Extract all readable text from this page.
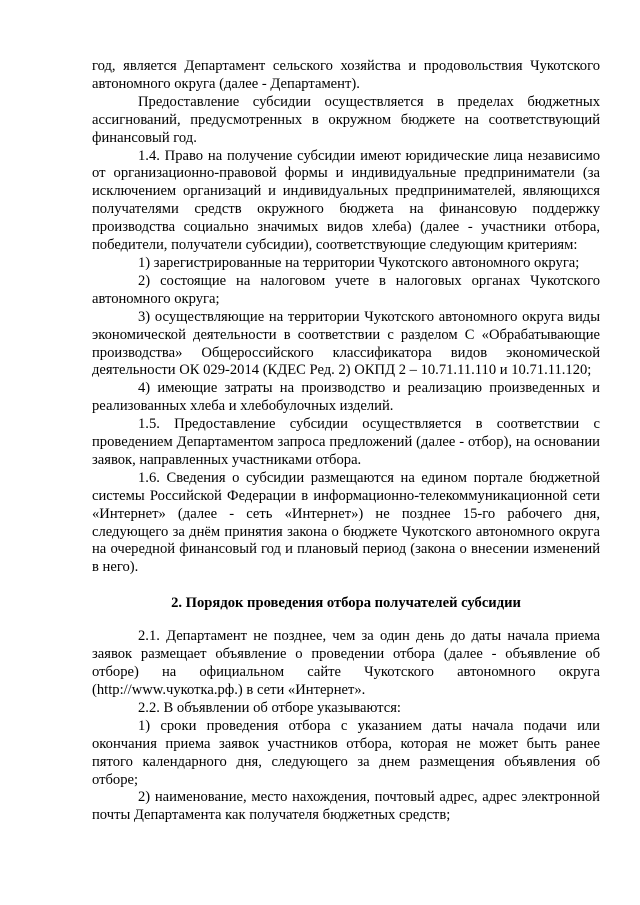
год, является Департамент сельского хозяйства и продовольствия Чукотского автономного округа (далее - Департамент).

Предоставление субсидии осуществляется в пределах бюджетных ассигнований, предусмотренных в окружном бюджете на соответствующий финансовый год.

1.4. Право на получение субсидии имеют юридические лица независимо от организационно-правовой формы и индивидуальные предприниматели (за исключением организаций и индивидуальных предпринимателей, являющихся получателями средств окружного бюджета на финансовую поддержку производства социально значимых видов хлеба) (далее - участники отбора, победители, получатели субсидии), соответствующие следующим критериям:

1) зарегистрированные на территории Чукотского автономного округа;

2) состоящие на налоговом учете в налоговых органах Чукотского автономного округа;

3) осуществляющие на территории Чукотского автономного округа виды экономической деятельности в соответствии с разделом С «Обрабатывающие производства» Общероссийского классификатора видов экономической деятельности ОК 029-2014 (КДЕС Ред. 2) ОКПД 2 – 10.71.11.110 и 10.71.11.120;

4) имеющие затраты на производство и реализацию произведенных и реализованных хлеба и хлебобулочных изделий.

1.5. Предоставление субсидии осуществляется в соответствии с проведением Департаментом запроса предложений (далее - отбор), на основании заявок, направленных участниками отбора.

1.6. Сведения о субсидии размещаются на едином портале бюджетной системы Российской Федерации в информационно-телекоммуникационной сети «Интернет» (далее - сеть «Интернет») не позднее 15-го рабочего дня, следующего за днём принятия закона о бюджете Чукотского автономного округа на очередной финансовый год и плановый период (закона о внесении изменений в него).

2. Порядок проведения отбора получателей субсидии

2.1. Департамент не позднее, чем за один день до даты начала приема заявок размещает объявление о проведении отбора (далее - объявление об отборе) на официальном сайте Чукотского автономного округа (http://www.чукотка.рф.) в сети «Интернет».

2.2. В объявлении об отборе указываются:

1) сроки проведения отбора с указанием даты начала подачи или окончания приема заявок участников отбора, которая не может быть ранее пятого календарного дня, следующего за днем размещения объявления об отборе;

2) наименование, место нахождения, почтовый адрес, адрес электронной почты Департамента как получателя бюджетных средств;
